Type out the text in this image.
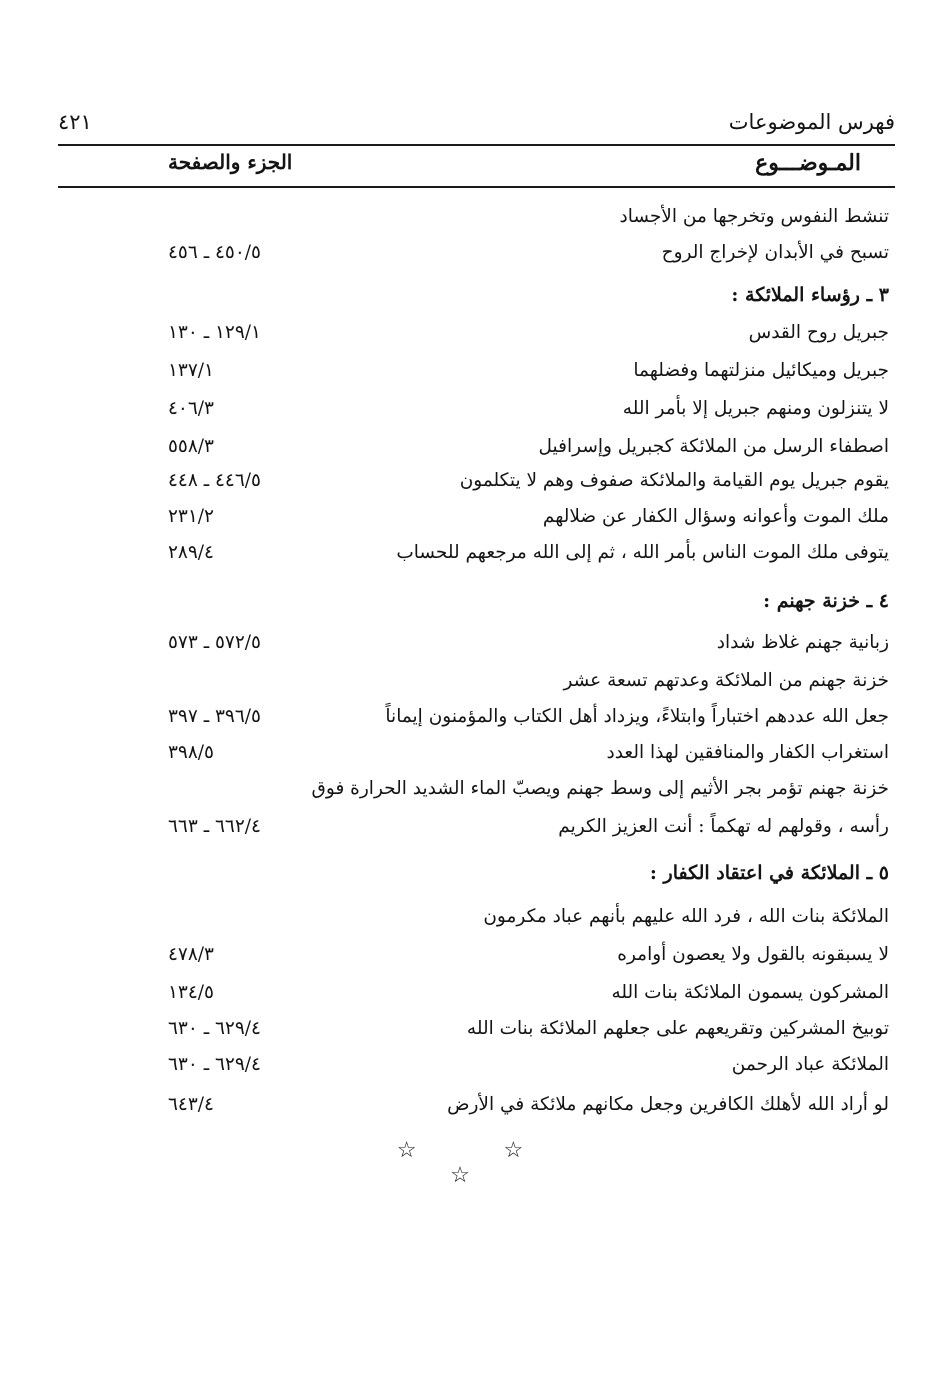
فهرس الموضوعات
٤٢١
المـوضـــوع
الجزء والصفحة
تنشط النفوس وتخرجها من الأجساد
تسبح في الأبدان لإخراج الروح
٤٥٠/٥ ـ ٤٥٦
٣ ـ رؤساء الملائكة :
جبريل روح القدس
١٢٩/١ ـ ١٣٠
جبريل وميكائيل منزلتهما وفضلهما
١٣٧/١
لا يتنزلون ومنهم جبريل إلا بأمر الله
٤٠٦/٣
اصطفاء الرسل من الملائكة كجبريل وإسرافيل
٥٥٨/٣
يقوم جبريل يوم القيامة والملائكة صفوف وهم لا يتكلمون
٤٤٦/٥ ـ ٤٤٨
ملك الموت وأعوانه وسؤال الكفار عن ضلالهم
٢٣١/٢
يتوفى ملك الموت الناس بأمر الله ، ثم إلى الله مرجعهم للحساب
٢٨٩/٤
٤ ـ خزنة جهنم :
زبانية جهنم غلاظ شداد
٥٧٢/٥ ـ ٥٧٣
خزنة جهنم من الملائكة وعدتهم تسعة عشر
جعل الله عددهم اختباراً وابتلاءً، ويزداد أهل الكتاب والمؤمنون إيماناً
٣٩٦/٥ ـ ٣٩٧
استغراب الكفار والمنافقين لهذا العدد
٣٩٨/٥
خزنة جهنم تؤمر بجر الأثيم إلى وسط جهنم ويصبّ الماء الشديد الحرارة فوق
رأسه ، وقولهم له تهكماً : أنت العزيز الكريم
٦٦٢/٤ ـ ٦٦٣
٥ ـ الملائكة في اعتقاد الكفار :
الملائكة بنات الله ، فرد الله عليهم بأنهم عباد مكرمون
لا يسبقونه بالقول ولا يعصون أوامره
٤٧٨/٣
المشركون يسمون الملائكة بنات الله
١٣٤/٥
توبيخ المشركين وتقريعهم على جعلهم الملائكة بنات الله
٦٢٩/٤ ـ ٦٣٠
الملائكة عباد الرحمن
٦٢٩/٤ ـ ٦٣٠
لو أراد الله لأهلك الكافرين وجعل مكانهم ملائكة في الأرض
٦٤٣/٤
☆ ☆ ☆
